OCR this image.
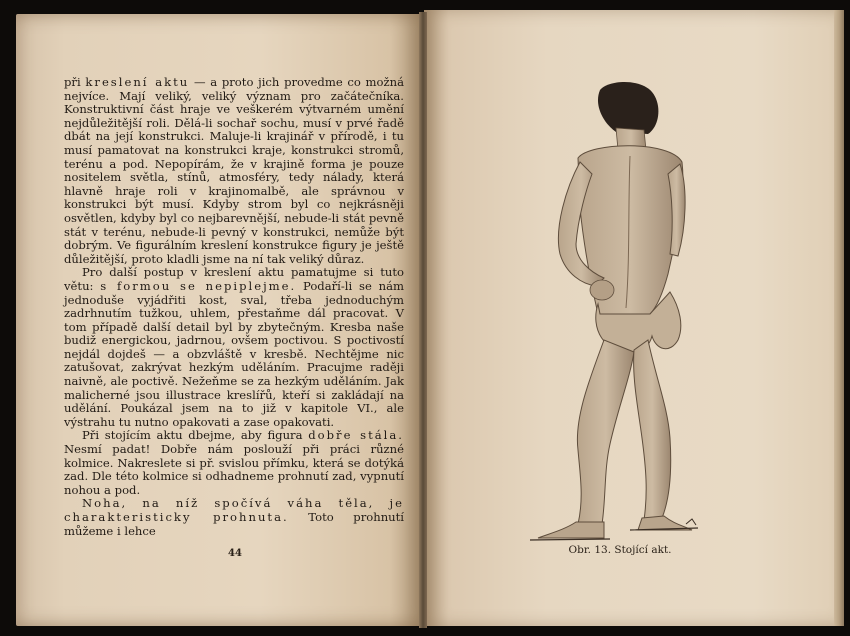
při kreslení aktu — a proto jich provedme co možná nejvíce. Mají veliký, veliký význam pro začátečníka. Konstruktivní část hraje ve veškerém výtvarném umění nejdůležitější roli. Dělá-li sochař sochu, musí v prvé řadě dbát na její konstrukci. Maluje-li krajinář v přírodě, i tu musí pamatovat na konstrukci kraje, konstrukci stromů, terénu a pod. Nepopírám, že v krajině forma je pouze nositelem světla, stínů, atmosféry, tedy nálady, která hlavně hraje roli v krajinomalbě, ale správnou v konstrukci být musí. Kdyby strom byl co nejkrásněji osvětlen, kdyby byl co nejbarevnější, nebude-li stát pevně stát v terénu, nebude-li pevný v konstrukci, nemůže být dobrým. Ve figurálním kreslení konstrukce figury je ještě důležitější, proto kladli jsme na ní tak veliký důraz.

Pro další postup v kreslení aktu pamatujme si tuto větu: s formou se nepiplejme. Podaří-li se nám jednoduše vyjádřiti kost, sval, třeba jednoduchým zadrhnutím tužkou, uhlem, přestaňme dál pracovat. V tom případě další detail byl by zbytečným. Kresba naše budiž energickou, jadrnou, ovšem poctivou. S poctivostí nejdál dojdeš — a obzvláště v kresbě. Nechtějme nic zatušovat, zakrývat hezkým uděláním. Pracujme raději naivně, ale poctivě. Nežeňme se za hezkým uděláním. Jak malicherné jsou illustrace kreslířů, kteří si zakládají na udělání. Poukázal jsem na to již v kapitole VI., ale výstrahu tu nutno opakovati a zase opakovati.

Při stojícím aktu dbejme, aby figura dobře stála. Nesmí padat! Dobře nám poslouží při práci různé kolmice. Nakreslete si př. svislou přímku, která se dotýká zad. Dle této kolmice si odhadneme prohnutí zad, vypnutí nohou a pod.

Noha, na níž spočívá váha těla, je charakteristicky prohnuta. Toto prohnutí můžeme i lehce

44	Obr. 13. Stojící akt.
